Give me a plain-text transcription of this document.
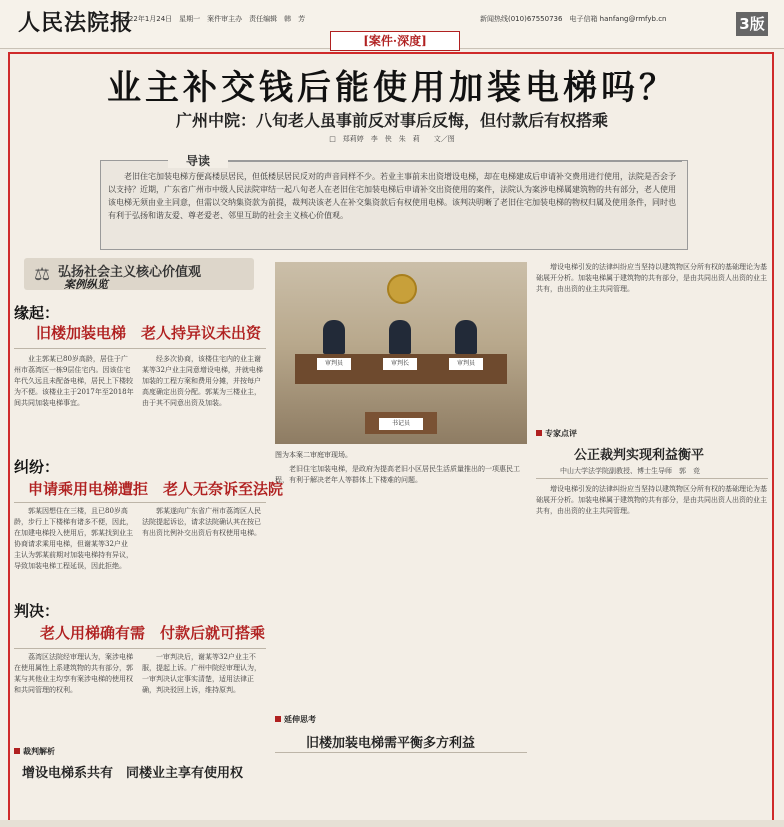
人民法院报
2022年1月24日　星期一　案件审主办　责任编辑　韩　芳	新闻热线(010)67550736　电子信箱 hanfang@rmfyb.cn	3版
[案件·深度]
业主补交钱后能使用加装电梯吗？
广州中院：八旬老人虽事前反对事后反悔，但付款后有权搭乘
□　郑莉婷　李　侠　朱　莉　　文／图
导读
老旧住宅加装电梯方便高楼层居民，但低楼层居民反对的声音同样不少。若业主事前未出资增设电梯，却在电梯建成后申请补交费用进行使用，法院是否会予以支持？近期，广东省广州市中级人民法院审结一起八旬老人在老旧住宅加装电梯后申请补交出资使用的案件，法院认为案涉电梯属建筑物的共有部分，老人使用该电梯无须由业主同意，但需以交纳集资款为前提，裁判决该老人在补交集资款后有权使用电梯。该判决明晰了老旧住宅加装电梯的物权归属及使用条件，同时也有利于弘扬和谐友爱、尊老爱老、邻里互助的社会主义核心价值观。
⚖ 弘扬社会主义核心价值观
案例纵览
缘起：
旧楼加装电梯　老人持异议未出资
业主郭某已80岁高龄，居住于广州市荔湾区一栋9层住宅内。因该住宅年代久远且未配备电梯，居民上下楼较为不便。该楼业主于2017年至2018年间共同加装电梯事宜。
经多次协商，该楼住宅内的业主谢某等32户业主同意增设电梯，并就电梯加装的工程方案和费用分摊，并按每户高度确定出资分配。郭某为三楼业主，由于其不同意出资及加装。
纠纷：
申请乘用电梯遭拒　老人无奈诉至法院
郭某因想住在三楼，且已80岁高龄，步行上下楼梯有诸多不便，因此，在加建电梯投入使用后，郭某找到业主协商请求乘用电梯，但谢某等32户业主认为郭某前期对加装电梯持有异议，导致加装电梯工程延误，因此拒绝。
郭某遂向广东省广州市荔湾区人民法院提起诉讼，请求法院确认其在按已有出资比例补交出资后有权使用电梯。
判决：
老人用梯确有需　付款后就可搭乘
荔湾区法院经审理认为，案涉电梯在使用属性上系建筑物的共有部分，郭某与其他业主均享有案涉电梯的使用权和共同管理的权利。
一审判决后，谢某等32户业主不服，提起上诉。广州中院经审理认为，一审判决认定事实清楚，适用法律正确，判决驳回上诉，维持原判。
裁判解析
增设电梯系共有　同楼业主享有使用权
审判员	审判长	审判员
书记员
图为本案二审庭审现场。
老旧住宅加装电梯，是政府为提高老旧小区居民生活质量推出的一项惠民工程，有利于解决老年人等群体上下楼难的问题。
延伸思考
旧楼加装电梯需平衡多方利益
增设电梯引发的法律纠纷应当坚持以建筑物区分所有权的基础理论为基础展开分析。加装电梯属于建筑物的共有部分，是由共同出资人出资的业主共有，由出资的业主共同管理。
专家点评
公正裁判实现利益衡平
中山大学法学院副教授、博士生导师　郭　竞
增设电梯引发的法律纠纷应当坚持以建筑物区分所有权的基础理论为基础展开分析。加装电梯属于建筑物的共有部分，是由共同出资人出资的业主共有，由出资的业主共同管理。
